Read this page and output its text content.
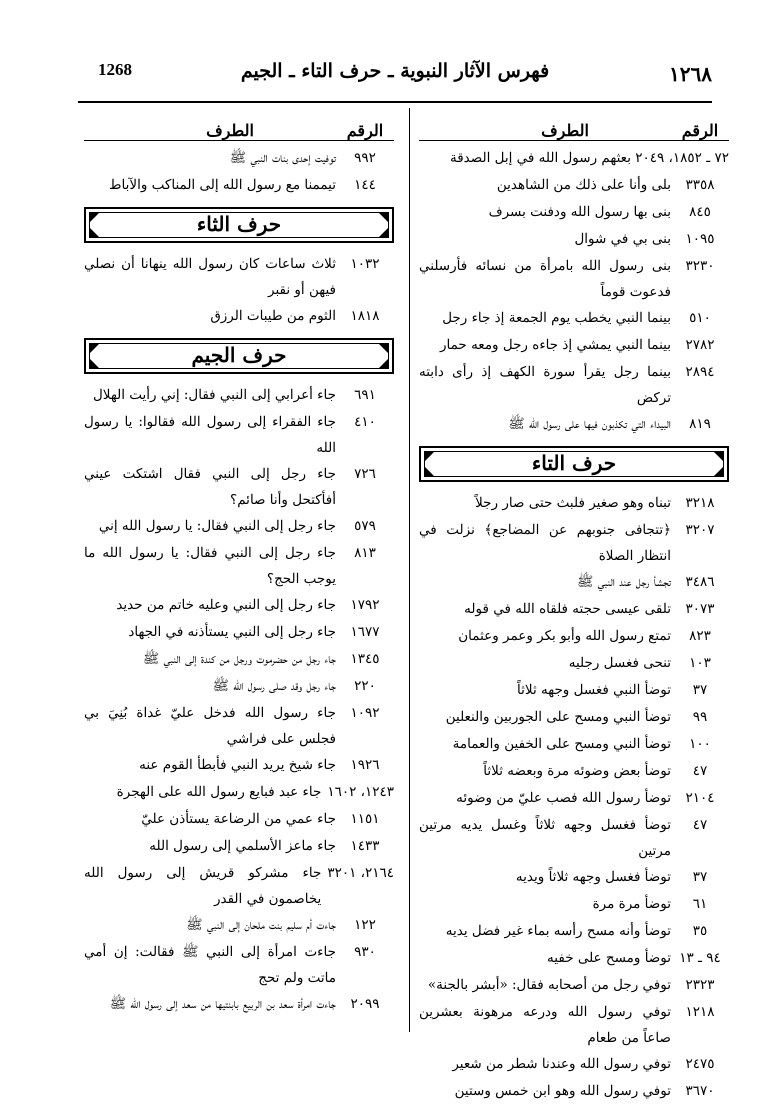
١٢٦٨
فهرس الآثار النبوية ـ حرف التاء ـ الجيم
1268
الرقم
الطرف
٧٢ ـ ١٨٥٢، ٢٠٤٩ بعثهم رسول الله في إبل الصدقة
٣٣٥٨
بلى وأنا على ذلك من الشاهدين
٨٤٥
بنى بها رسول الله ودفنت بسرف
١٠٩٥
بنى بي في شوال
٣٢٣٠
بنى رسول الله بامرأة من نسائه فأرسلني فدعوت قوماً
٥١٠
بينما النبي يخطب يوم الجمعة إذ جاء رجل
٢٧٨٢
بينما النبي يمشي إذ جاءه رجل ومعه حمار
٢٨٩٤
بينما رجل يقرأ سورة الكهف إذ رأى دابته تركض
٨١٩
البيداء التي تكذبون فيها على رسول الله ﷺ
حرف التاء
٣٢١٨
تبناه وهو صغير فلبث حتى صار رجلاً
٣٢٠٧
﴿تتجافى جنوبهم عن المضاجع﴾ نزلت في انتظار الصلاة
٣٤٨٦
تجشأ رجل عند النبي ﷺ
٣٠٧٣
تلقى عيسى حجته فلقاه الله في قوله
٨٢٣
تمتع رسول الله وأبو بكر وعمر وعثمان
١٠٣
تنحى فغسل رجليه
٣٧
توضأ النبي فغسل وجهه ثلاثاً
٩٩
توضأ النبي ومسح على الجوربين والنعلين
١٠٠
توضأ النبي ومسح على الخفين والعمامة
٤٧
توضأ بعض وضوئه مرة وبعضه ثلاثاً
٢١٠٤
توضأ رسول الله فصب عليّ من وضوئه
٤٧
توضأ فغسل وجهه ثلاثاً وغسل يديه مرتين مرتين
٣٧
توضأ فغسل وجهه ثلاثاً ويديه
٦١
توضأ مرة مرة
٣٥
توضأ وأنه مسح رأسه بماء غير فضل يديه
٩٤ ـ ١٣
توضأ ومسح على خفيه
٢٣٢٣
توفي رجل من أصحابه فقال: «أبشر بالجنة»
١٢١٨
توفي رسول الله ودرعه مرهونة بعشرين صاعاً من طعام
٢٤٧٥
توفي رسول الله وعندنا شطر من شعير
٣٦٧٠
توفي رسول الله وهو ابن خمس وستين
الرقم
الطرف
٩٩٢
توفيت إحدى بنات النبي ﷺ
١٤٤
تيممنا مع رسول الله إلى المناكب والآباط
حرف الثاء
١٠٣٢
ثلاث ساعات كان رسول الله ينهانا أن نصلي فيهن أو نقبر
١٨١٨
الثوم من طيبات الرزق
حرف الجيم
٦٩١
جاء أعرابي إلى النبي فقال: إني رأيت الهلال
٤١٠
جاء الفقراء إلى رسول الله فقالوا: يا رسول الله
٧٢٦
جاء رجل إلى النبي فقال اشتكت عيني أفأكتحل وأنا صائم؟
٥٧٩
جاء رجل إلى النبي فقال: يا رسول الله إني
٨١٣
جاء رجل إلى النبي فقال: يا رسول الله ما يوجب الحج؟
١٧٩٢
جاء رجل إلى النبي وعليه خاتم من حديد
١٦٧٧
جاء رجل إلى النبي يستأذنه في الجهاد
١٣٤٥
جاء رجل من حضرموت ورجل من كندة إلى النبي ﷺ
٢٢٠
جاء رجل وقد صلى رسول الله ﷺ
١٠٩٢
جاء رسول الله فدخل عليّ غداة بُنِيَ بي فجلس على فراشي
١٩٢٦
جاء شيخ يريد النبي فأبطأ القوم عنه
١٢٤٣، ١٦٠٢
جاء عبد فبايع رسول الله على الهجرة
١١٥١
جاء عمي من الرضاعة يستأذن عليّ
١٤٣٣
جاء ماعز الأسلمي إلى رسول الله
٢١٦٤، ٣٢٠١
جاء مشركو قريش إلى رسول الله يخاصمون في القدر
١٢٢
جاءت أم سليم بنت ملحان إلى النبي ﷺ
٩٣٠
جاءت امرأة إلى النبي ﷺ فقالت: إن أمي ماتت ولم تحج
٢٠٩٩
جاءت امرأة سعد بن الربيع بابنتيها من سعد إلى رسول الله ﷺ
